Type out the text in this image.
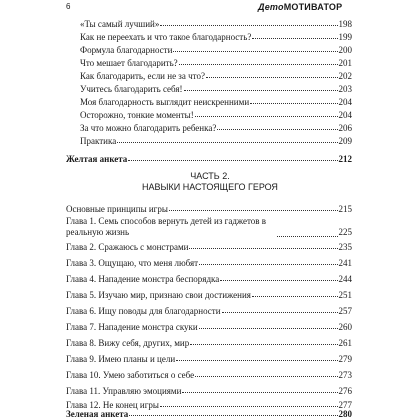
6	ДетоМОТИВАТОР
«Ты самый лучший»	198
Как не переехать и что такое благодарность?	199
Формула благодарности	200
Что мешает благодарить?	201
Как благодарить, если не за что?	202
Учитесь благодарить себя!	203
Моя благодарность выглядит неискренними	204
Осторожно, тонкие моменты!	204
За что можно благодарить ребенка?	206
Практика	209
Желтая анкета	212
ЧАСТЬ 2.
НАВЫКИ НАСТОЯЩЕГО ГЕРОЯ
Основные принципы игры	215
Глава 1. Семь способов вернуть детей из гаджетов в реальную жизнь	225
Глава 2. Сражаюсь с монстрами	235
Глава 3. Ощущаю, что меня любят	241
Глава 4. Нападение монстра беспорядка	244
Глава 5. Изучаю мир, признаю свои достижения	251
Глава 6. Ищу поводы для благодарности	257
Глава 7. Нападение монстра скуки	260
Глава 8. Вижу себя, других, мир	261
Глава 9. Имею планы и цели	279
Глава 10. Умею заботиться о себе	273
Глава 11. Управляю эмоциями	276
Глава 12. Не конец игры	277
Зеленая анкета	280
